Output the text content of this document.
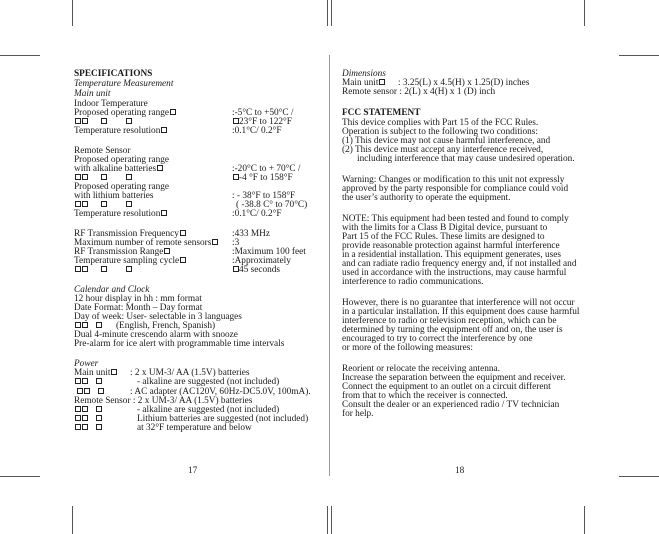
SPECIFICATIONS
Temperature Measurement
Main unit
Indoor Temperature
Proposed operating range	:-5°C to +50°C /

23°F to 122°F
Temperature resolution	:0.1°C/ 0.2°F
Remote Sensor
Proposed operating range
with alkaline batteries	:-20°C to + 70°C /

-4 °F to 158°F
Proposed operating range
with lithium batteries	: - 38°F to 158°F

( -38.8 C° to 70°C)
Temperature resolution	:0.1°C/ 0.2°F
RF Transmission Frequency	:433 MHz
Maximum number of remote sensors	:3
RF Transmission Range	:Maximum 100 feet
Temperature sampling cycle	:Approximately

45 seconds
Calendar and Clock
12 hour display in hh : mm format
Date Format: Month – Day format
Day of week: User- selectable in 3 languages
(English, French, Spanish)
Dual 4-minute crescendo alarm with snooze
Pre-alarm for ice alert with programmable time intervals
Power
Main unit	: 2 x UM-3/ AA (1.5V) batteries

- alkaline are suggested (not included)

: AC adapter (AC120V, 60Hz-DC5.0V, 100mA).
Remote Sensor : 2 x UM-3/ AA (1.5V) batteries

- alkaline are suggested (not included)

Lithium batteries are suggested (not included)

at 32°F temperature and below
17
Dimensions
Main unit	: 3.25(L) x 4.5(H) x 1.25(D) inches
Remote sensor : 2(L) x 4(H) x 1 (D) inch
FCC STATEMENT
This device complies with Part 15 of the FCC Rules.
Operation is subject to the following two conditions:
(1) This device may not cause harmful interference, and
(2) This device must accept any interference received,
including interference that may cause undesired operation.
Warning: Changes or modification to this unit not expressly
approved by the party responsible for compliance could void
the user’s authority to operate the equipment.
NOTE: This equipment had been tested and found to comply
with the limits for a Class B Digital device, pursuant to
Part 15 of the FCC Rules. These limits are designed to
provide reasonable protection against harmful interference
in a residential installation. This equipment generates, uses
and can radiate radio frequency energy and, if not installed and
used in accordance with the instructions, may cause harmful
interference to radio communications.
However, there is no guarantee that interference will not occur
in a particular installation. If this equipment does cause harmful
interference to radio or television reception, which can be
determined by turning the equipment off and on, the user is
encouraged to try to correct the interference by one
or more of the following measures:
Reorient or relocate the receiving antenna.
Increase the separation between the equipment and receiver.
Connect the equipment to an outlet on a circuit different
from that to which the receiver is connected.
Consult the dealer or an experienced radio / TV technician
for help.
18
